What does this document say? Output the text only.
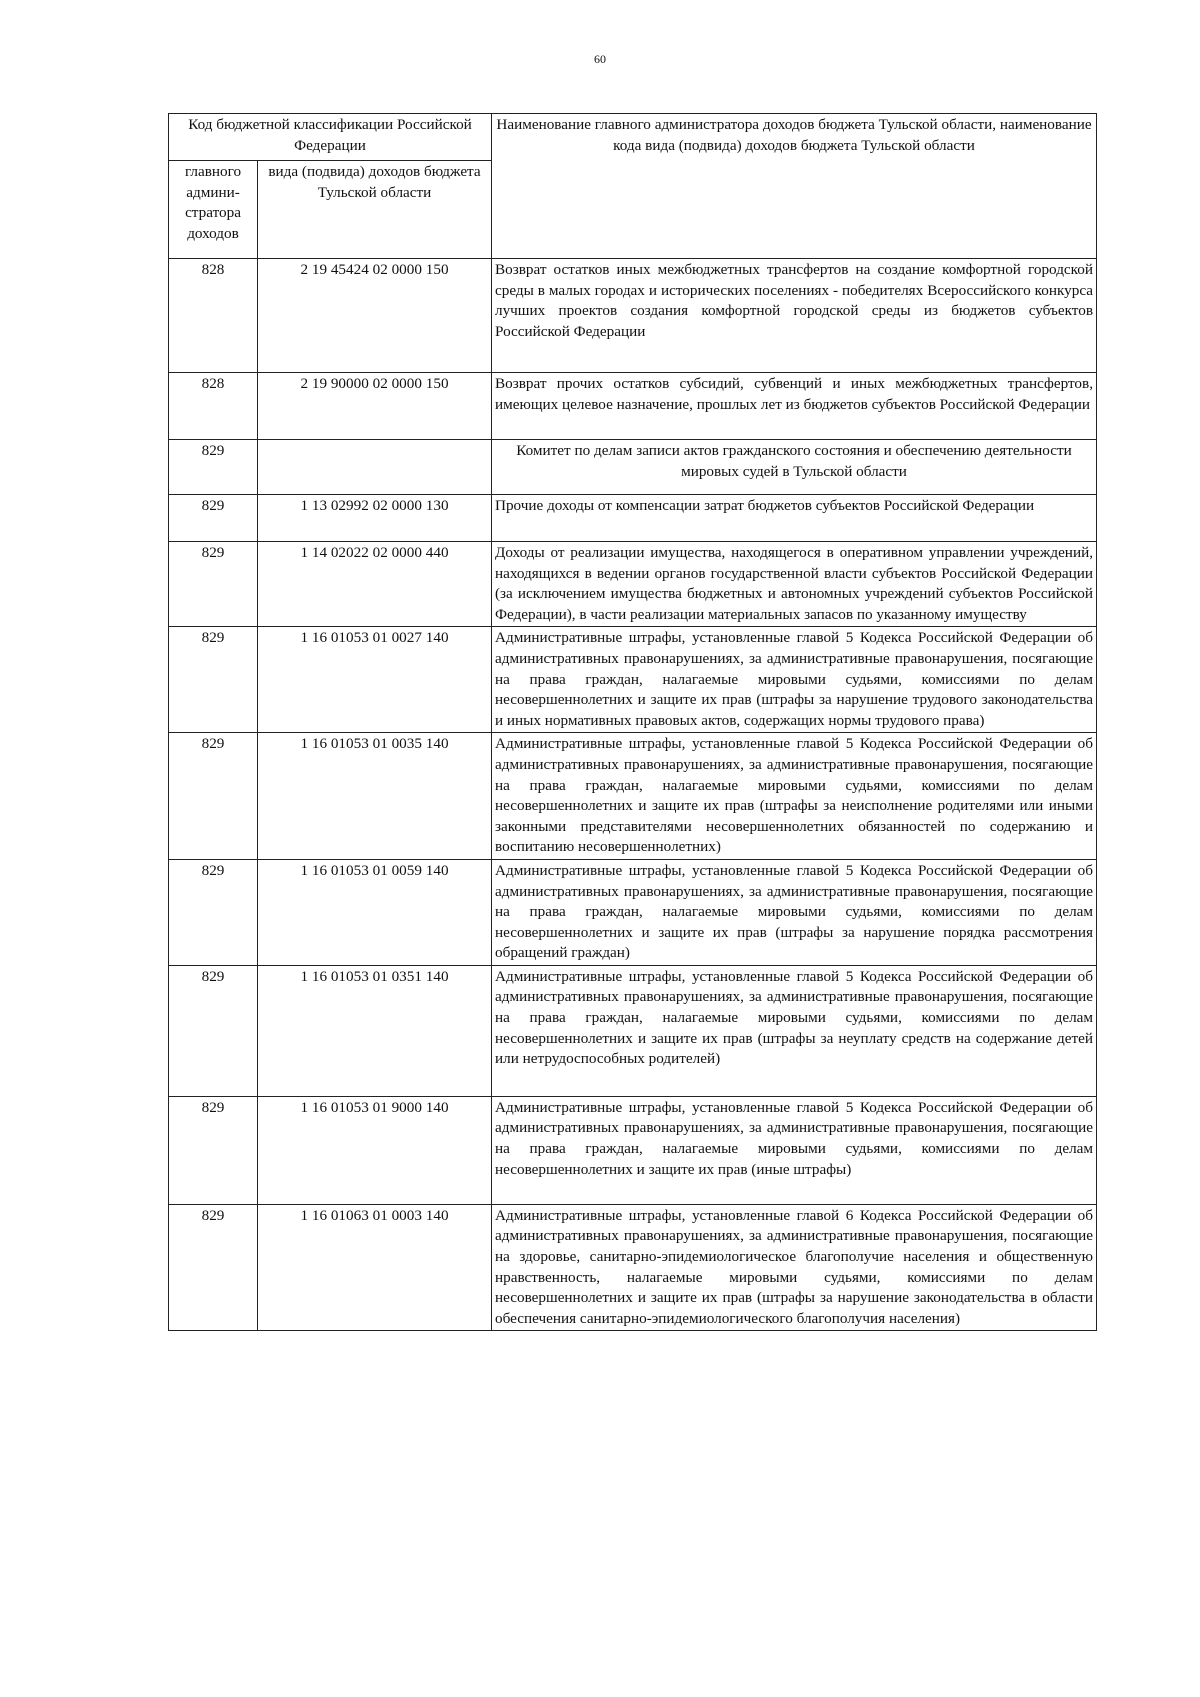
60
Код бюджетной классификации Российской Федерации		Наименование главного администратора доходов бюджета Тульской области, наименование кода вида (подвида) доходов бюджета Тульской области
главного админи-стратора доходов	вида (подвида) доходов бюджета Тульской области	
828	2 19 45424 02 0000 150	Возврат остатков иных межбюджетных трансфертов на создание комфортной городской среды в малых городах и исторических поселениях - победителях Всероссийского конкурса лучших проектов создания комфортной городской среды из бюджетов субъектов Российской Федерации
828	2 19 90000 02 0000 150	Возврат прочих остатков субсидий, субвенций и иных межбюджетных трансфертов, имеющих целевое назначение, прошлых лет из бюджетов субъектов Российской Федерации
829		Комитет по делам записи актов гражданского состояния и обеспечению деятельности мировых судей в Тульской области
829	1 13 02992 02 0000 130	Прочие доходы от компенсации затрат бюджетов субъектов Российской Федерации
829	1 14 02022 02 0000 440	Доходы от реализации имущества, находящегося в оперативном управлении учреждений, находящихся в ведении органов государственной власти субъектов Российской Федерации (за исключением имущества бюджетных и автономных учреждений субъектов Российской Федерации), в части реализации материальных запасов по указанному имуществу
829	1 16 01053 01 0027 140	Административные штрафы, установленные главой 5 Кодекса Российской Федерации об административных правонарушениях, за административные правонарушения, посягающие на права граждан, налагаемые мировыми судьями, комиссиями по делам несовершеннолетних и защите их прав (штрафы за нарушение трудового законодательства и иных нормативных правовых актов, содержащих нормы трудового права)
829	1 16 01053 01 0035 140	Административные штрафы, установленные главой 5 Кодекса Российской Федерации об административных правонарушениях, за административные правонарушения, посягающие на права граждан, налагаемые мировыми судьями, комиссиями по делам несовершеннолетних и защите их прав (штрафы за неисполнение родителями или иными законными представителями несовершеннолетних обязанностей по содержанию и воспитанию несовершеннолетних)
829	1 16 01053 01 0059 140	Административные штрафы, установленные главой 5 Кодекса Российской Федерации об административных правонарушениях, за административные правонарушения, посягающие на права граждан, налагаемые мировыми судьями, комиссиями по делам несовершеннолетних и защите их прав (штрафы за нарушение порядка рассмотрения обращений граждан)
829	1 16 01053 01 0351 140	Административные штрафы, установленные главой 5 Кодекса Российской Федерации об административных правонарушениях, за административные правонарушения, посягающие на права граждан, налагаемые мировыми судьями, комиссиями по делам несовершеннолетних и защите их прав (штрафы за неуплату средств на содержание детей или нетрудоспособных родителей)
829	1 16 01053 01 9000 140	Административные штрафы, установленные главой 5 Кодекса Российской Федерации об административных правонарушениях, за административные правонарушения, посягающие на права граждан, налагаемые мировыми судьями, комиссиями по делам несовершеннолетних и защите их прав (иные штрафы)
829	1 16 01063 01 0003 140	Административные штрафы, установленные главой 6 Кодекса Российской Федерации об административных правонарушениях, за административные правонарушения, посягающие на здоровье, санитарно-эпидемиологическое благополучие населения и общественную нравственность, налагаемые мировыми судьями, комиссиями по делам несовершеннолетних и защите их прав (штрафы за нарушение законодательства в области обеспечения санитарно-эпидемиологического благополучия населения)
